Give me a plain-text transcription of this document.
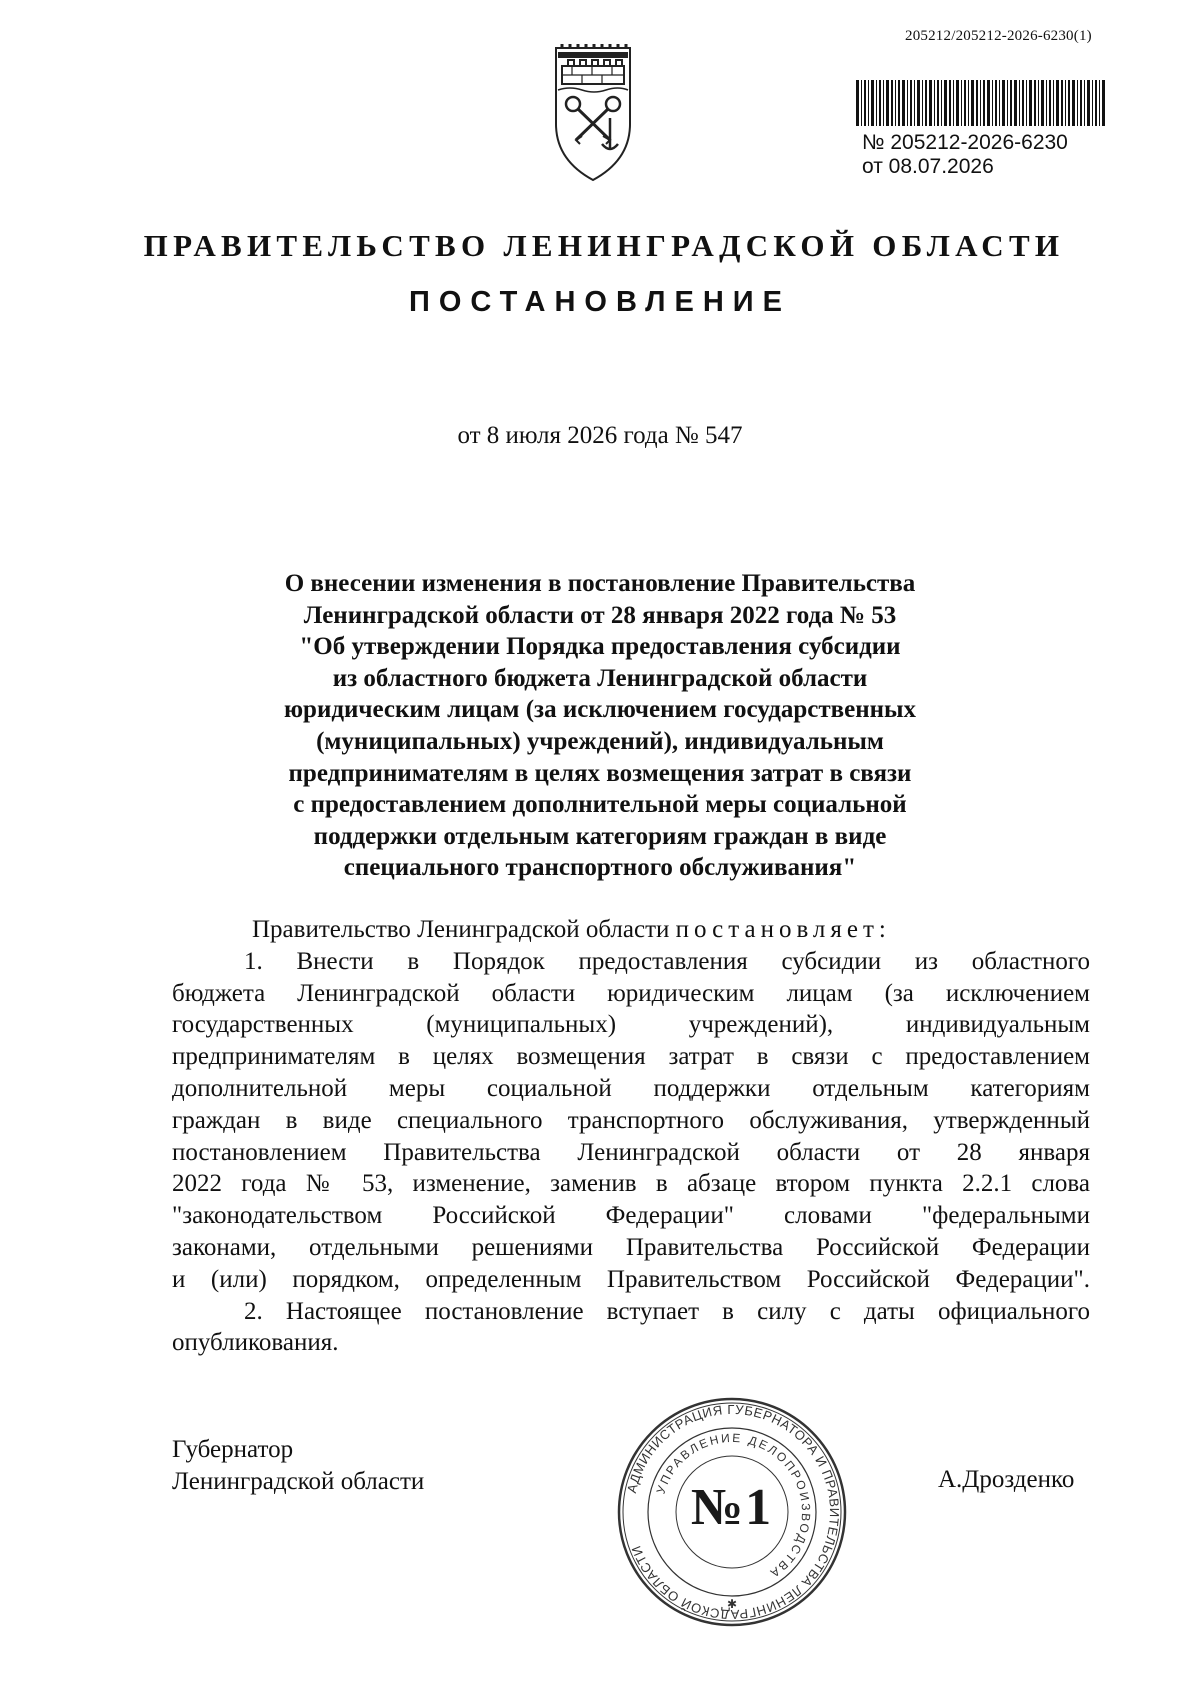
205212/205212-2026-6230(1)
№ 205212-2026-6230
от 08.07.2026
ПРАВИТЕЛЬСТВО ЛЕНИНГРАДСКОЙ ОБЛАСТИ
ПОСТАНОВЛЕНИЕ
от 8 июля 2026 года № 547
О внесении изменения в постановление Правительства
Ленинградской области от 28 января 2022 года № 53
"Об утверждении Порядка предоставления субсидии
из областного бюджета Ленинградской области
юридическим лицам (за исключением государственных
(муниципальных) учреждений), индивидуальным
предпринимателям в целях возмещения затрат в связи
с предоставлением дополнительной меры социальной
поддержки отдельным категориям граждан в виде
специального транспортного обслуживания"
Правительство Ленинградской области постановляет:
1. Внести в Порядок предоставления субсидии из областного
бюджета Ленинградской области юридическим лицам (за исключением
государственных (муниципальных) учреждений), индивидуальным
предпринимателям в целях возмещения затрат в связи с предоставлением
дополнительной меры социальной поддержки отдельным категориям
граждан в виде специального транспортного обслуживания, утвержденный
постановлением Правительства Ленинградской области от 28 января
2022 года № 53, изменение, заменив в абзаце втором пункта 2.2.1 слова
"законодательством Российской Федерации" словами "федеральными
законами, отдельными решениями Правительства Российской Федерации
и (или) порядком, определенным Правительством Российской Федерации".
2. Настоящее постановление вступает в силу с даты официального
опубликования.
Губернатор
Ленинградской области	А.Дрозденко
АДМИНИСТРАЦИЯ ГУБЕРНАТОРА И ПРАВИТЕЛЬСТВА ЛЕНИНГРАДСКОЙ ОБЛАСТИ
УПРАВЛЕНИЕ ДЕЛОПРОИЗВОДСТВА
✱
№1
